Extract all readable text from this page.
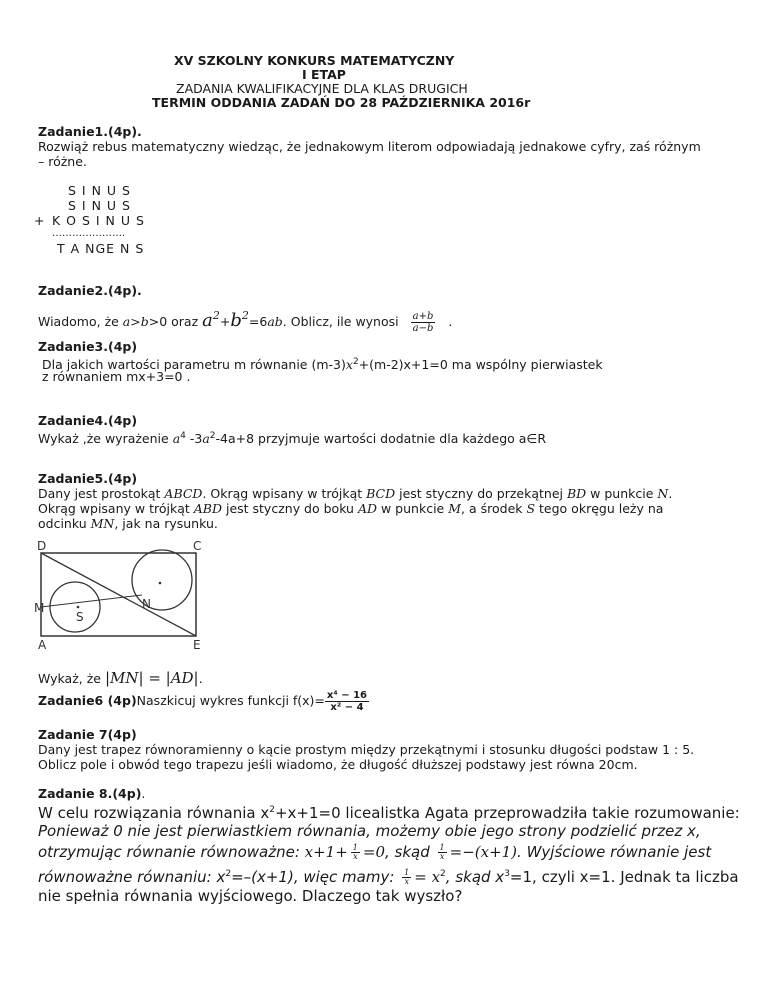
XV SZKOLNY KONKURS MATEMATYCZNY
I ETAP
ZADANIA KWALIFIKACYJNE DLA KLAS DRUGICH
TERMIN ODDANIA ZADAŃ DO 28 PAŹDZIERNIKA 2016r
Zadanie1.(4p).
Rozwiąż rebus matematyczny wiedząc, że jednakowym literom odpowiadają jednakowe cyfry, zaś różnym
– różne.
S I N U S
S I N U S
+ K O S I N U S
………………….
T A NGE N S
Zadanie2.(4p).
Wiadomo, że a>b>0 oraz $a^2+b^2=6ab$. Oblicz, ile wynosi $\frac{a+b}{a-b}$ .
Zadanie3.(4p)
Dla jakich wartości parametru m równanie $(m-3)x^2+(m-2)x+1=0$ ma wspólny pierwiastek
z równaniem mx+3=0 .
Zadanie4.(4p)
Wykaż ,że wyrażenie $a^4$ $-3a^2-4a+8$ przyjmuje wartości dodatnie dla każdego a∈R
Zadanie5.(4p)
Dany jest prostokąt ABCD. Okrąg wpisany w trójkąt BCD jest styczny do przekątnej BD w punkcie N.
Okrąg wpisany w trójkąt ABD jest styczny do boku AD w punkcie M, a środek S tego okręgu leży na
odcinku MN, jak na rysunku.
D	C
M	N
S
A	E
Wykaż, że |MN| = |AD|.
Zadanie6 (4p)Naszkicuj wykres funkcji $f(x)= \frac{\text{x⁴ − 16}}{\text{x² − 4}}$
Zadanie 7(4p)
Dany jest trapez równoramienny o kącie prostym między przekątnymi i stosunku długości podstaw 1 : 5.
Oblicz pole i obwód tego trapezu jeśli wiadomo, że długość dłuższej podstawy jest równa 20cm.
Zadanie 8.(4p).
W celu rozwiązania równania $x^2+x+1=0$ licealistka Agata przeprowadziła takie rozumowanie:
Ponieważ 0 nie jest pierwiastkiem równania, możemy obie jego strony podzielić przez x,
otrzymując równanie równoważne: $x+1+ \frac{1}{x} =0$, skąd $\frac{1}{x} =-(x+1)$. Wyjściowe równanie jest
równoważne równaniu: $x^2=-(x+1)$, więc mamy: $\frac{1}{x} = x^2$, skąd $x^3=1$, czyli x=1. Jednak ta liczba
nie spełnia równania wyjściowego. Dlaczego tak wyszło?
